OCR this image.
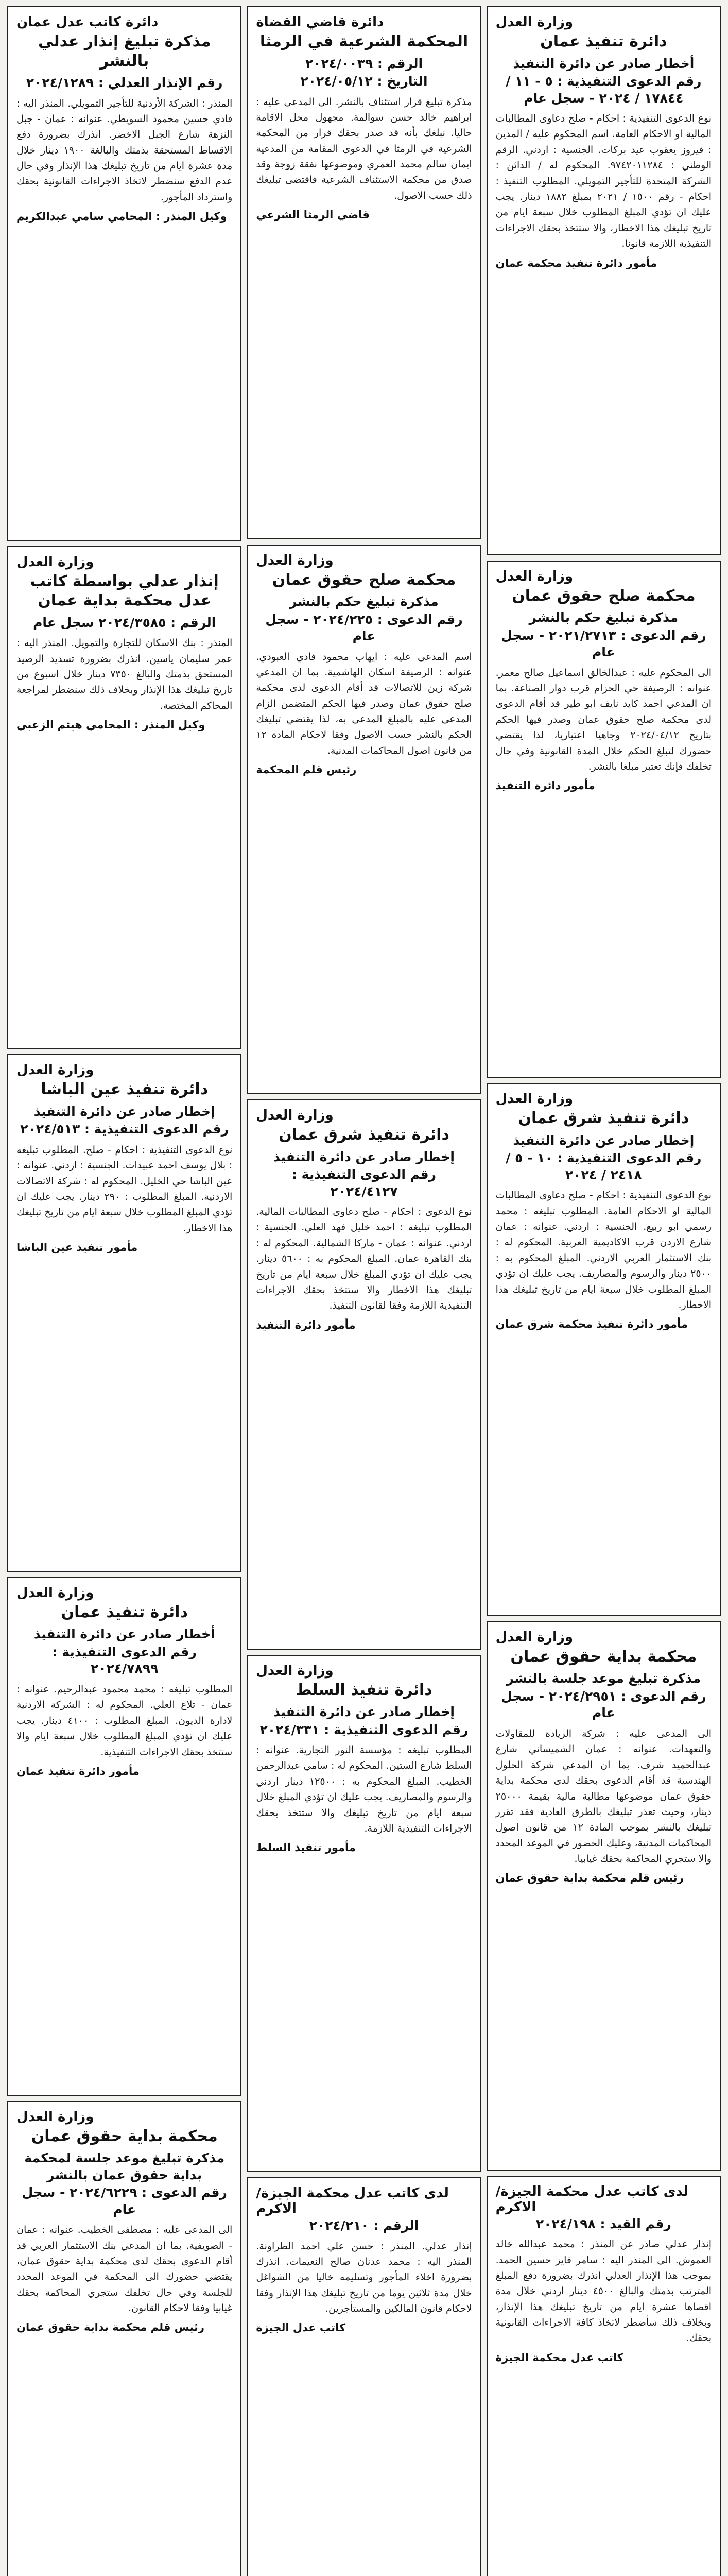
وزارة العدل
دائرة تنفيذ عمان
أخطار صادر عن دائرة التنفيذ
رقم الدعوى التنفيذية : ٥ - ١١ / ١٧٨٤٤ / ٢٠٢٤ - سجل عام
نوع الدعوى التنفيذية : احكام - صلح دعاوى المطالبات المالية او الاحكام العامة. اسم المحكوم عليه / المدين : فيروز يعقوب عيد بركات. الجنسية : اردني. الرقم الوطني : ٩٧٤٢٠١١٢٨٤. المحكوم له / الدائن : الشركة المتحدة للتأجير التمويلي. المطلوب التنفيذ : احكام - رقم ١٥٠٠ / ٢٠٢١ بمبلغ ١٨٨٢ دينار. يجب عليك ان تؤدي المبلغ المطلوب خلال سبعة ايام من تاريخ تبليغك هذا الاخطار، والا ستتخذ بحقك الاجراءات التنفيذية اللازمة قانونا.
مأمور دائرة تنفيذ محكمة عمان
وزارة العدل
محكمة صلح حقوق عمان
مذكرة تبليغ حكم بالنشر
رقم الدعوى : ٢٠٢١/٢٧١٣ - سجل عام
الى المحكوم عليه : عبدالخالق اسماعيل صالح معمر. عنوانه : الرصيفة حي الحزام قرب دوار الصناعة. بما ان المدعي احمد كايد نايف ابو طير قد أقام الدعوى لدى محكمة صلح حقوق عمان وصدر فيها الحكم بتاريخ ٢٠٢٤/٠٤/١٢ وجاهيا اعتباريا، لذا يقتضي حضورك لتبلغ الحكم خلال المدة القانونية وفي حال تخلفك فإنك تعتبر مبلغا بالنشر.
مأمور دائرة التنفيذ
وزارة العدل
دائرة تنفيذ شرق عمان
إخطار صادر عن دائرة التنفيذ
رقم الدعوى التنفيذية : ١٠ - ٥ / ٢٤١٨ / ٢٠٢٤
نوع الدعوى التنفيذية : احكام - صلح دعاوى المطالبات المالية او الاحكام العامة. المطلوب تبليغه : محمد رسمي ابو ربيع. الجنسية : اردني. عنوانه : عمان شارع الاردن قرب الاكاديمية العربية. المحكوم له : بنك الاستثمار العربي الاردني. المبلغ المحكوم به : ٢٥٠٠ دينار والرسوم والمصاريف. يجب عليك ان تؤدي المبلغ المطلوب خلال سبعة ايام من تاريخ تبليغك هذا الاخطار.
مأمور دائرة تنفيذ محكمة شرق عمان
وزارة العدل
محكمة بداية حقوق عمان
مذكرة تبليغ موعد جلسة بالنشر
رقم الدعوى : ٢٠٢٤/٢٩٥١ - سجل عام
الى المدعى عليه : شركة الريادة للمقاولات والتعهدات. عنوانه : عمان الشميساني شارع عبدالحميد شرف. بما ان المدعي شركة الحلول الهندسية قد أقام الدعوى بحقك لدى محكمة بداية حقوق عمان موضوعها مطالبة مالية بقيمة ٢٥٠٠٠ دينار، وحيث تعذر تبليغك بالطرق العادية فقد تقرر تبليغك بالنشر بموجب المادة ١٢ من قانون اصول المحاكمات المدنية، وعليك الحضور في الموعد المحدد والا ستجري المحاكمة بحقك غيابيا.
رئيس قلم محكمة بداية حقوق عمان
لدى كاتب عدل محكمة الجيزة/الاكرم
رقم القيد : ٢٠٢٤/١٩٨
إنذار عدلي صادر عن المنذر : محمد عبدالله خالد العموش. الى المنذر اليه : سامر فايز حسين الحمد. بموجب هذا الإنذار العدلي انذرك بضرورة دفع المبلغ المترتب بذمتك والبالغ ٤٥٠٠ دينار اردني خلال مدة اقصاها عشرة ايام من تاريخ تبليغك هذا الإنذار، وبخلاف ذلك سأضطر لاتخاذ كافة الاجراءات القانونية بحقك.
كاتب عدل محكمة الجيزة
دائرة قاضي القضاة
المحكمة الشرعية في الرمثا
الرقم : ٢٠٢٤/٠٠٣٩
التاريخ : ٢٠٢٤/٠٥/١٢
مذكرة تبليغ قرار استئناف بالنشر. الى المدعى عليه : ابراهيم خالد حسن سوالمة. مجهول محل الاقامة حاليا. نبلغك بأنه قد صدر بحقك قرار من المحكمة الشرعية في الرمثا في الدعوى المقامة من المدعية ايمان سالم محمد العمري وموضوعها نفقة زوجة وقد صدق من محكمة الاستئناف الشرعية فاقتضى تبليغك ذلك حسب الاصول.
قاضي الرمثا الشرعي
وزارة العدل
محكمة صلح حقوق عمان
مذكرة تبليغ حكم بالنشر
رقم الدعوى : ٢٠٢٤/٢٢٥ - سجل عام
اسم المدعى عليه : ايهاب محمود فادي العبودي. عنوانه : الرصيفة اسكان الهاشمية. بما ان المدعي شركة زين للاتصالات قد أقام الدعوى لدى محكمة صلح حقوق عمان وصدر فيها الحكم المتضمن الزام المدعى عليه بالمبلغ المدعى به، لذا يقتضي تبليغك الحكم بالنشر حسب الاصول وفقا لاحكام المادة ١٢ من قانون اصول المحاكمات المدنية.
رئيس قلم المحكمة
وزارة العدل
دائرة تنفيذ شرق عمان
إخطار صادر عن دائرة التنفيذ
رقم الدعوى التنفيذية : ٢٠٢٤/٤١٢٧
نوع الدعوى : احكام - صلح دعاوى المطالبات المالية. المطلوب تبليغه : احمد خليل فهد العلي. الجنسية : اردني. عنوانه : عمان - ماركا الشمالية. المحكوم له : بنك القاهرة عمان. المبلغ المحكوم به : ٥٦٠٠ دينار. يجب عليك ان تؤدي المبلغ خلال سبعة ايام من تاريخ تبليغك هذا الاخطار والا ستتخذ بحقك الاجراءات التنفيذية اللازمة وفقا لقانون التنفيذ.
مأمور دائرة التنفيذ
وزارة العدل
دائرة تنفيذ السلط
إخطار صادر عن دائرة التنفيذ
رقم الدعوى التنفيذية : ٢٠٢٤/٣٣١
المطلوب تبليغه : مؤسسة النور التجارية. عنوانه : السلط شارع الستين. المحكوم له : سامي عبدالرحمن الخطيب. المبلغ المحكوم به : ١٢٥٠٠ دينار اردني والرسوم والمصاريف. يجب عليك ان تؤدي المبلغ خلال سبعة ايام من تاريخ تبليغك والا ستتخذ بحقك الاجراءات التنفيذية اللازمة.
مأمور تنفيذ السلط
لدى كاتب عدل محكمة الجيزة/الاكرم
الرقم : ٢٠٢٤/٢١٠
إنذار عدلي. المنذر : حسن علي احمد الطراونة. المنذر اليه : محمد عدنان صالح النعيمات. انذرك بضرورة اخلاء المأجور وتسليمه خاليا من الشواغل خلال مدة ثلاثين يوما من تاريخ تبليغك هذا الإنذار وفقا لاحكام قانون المالكين والمستأجرين.
كاتب عدل الجيزة
دائرة كاتب عدل عمان
مذكرة تبليغ إنذار عدلي بالنشر
رقم الإنذار العدلي : ٢٠٢٤/١٢٨٩
المنذر : الشركة الأردنية للتأجير التمويلي. المنذر اليه : فادي حسين محمود السويطي. عنوانه : عمان - جبل النزهة شارع الجبل الاخضر. انذرك بضرورة دفع الاقساط المستحقة بذمتك والبالغة ١٩٠٠ دينار خلال مدة عشرة ايام من تاريخ تبليغك هذا الإنذار وفي حال عدم الدفع سنضطر لاتخاذ الاجراءات القانونية بحقك واسترداد المأجور.
وكيل المنذر : المحامي سامي عبدالكريم
وزارة العدل
إنذار عدلي بواسطة كاتب عدل محكمة بداية عمان
الرقم : ٢٠٢٤/٣٥٨٥ سجل عام
المنذر : بنك الاسكان للتجارة والتمويل. المنذر اليه : عمر سليمان ياسين. انذرك بضرورة تسديد الرصيد المستحق بذمتك والبالغ ٧٣٥٠ دينار خلال اسبوع من تاريخ تبليغك هذا الإنذار وبخلاف ذلك سنضطر لمراجعة المحاكم المختصة.
وكيل المنذر : المحامي هيثم الزعبي
وزارة العدل
دائرة تنفيذ عين الباشا
إخطار صادر عن دائرة التنفيذ
رقم الدعوى التنفيذية : ٢٠٢٤/٥١٣
نوع الدعوى التنفيذية : احكام - صلح. المطلوب تبليغه : بلال يوسف احمد عبيدات. الجنسية : اردني. عنوانه : عين الباشا حي الخليل. المحكوم له : شركة الاتصالات الاردنية. المبلغ المطلوب : ٢٩٠ دينار. يجب عليك ان تؤدي المبلغ المطلوب خلال سبعة ايام من تاريخ تبليغك هذا الاخطار.
مأمور تنفيذ عين الباشا
وزارة العدل
دائرة تنفيذ عمان
أخطار صادر عن دائرة التنفيذ
رقم الدعوى التنفيذية : ٢٠٢٤/٧٨٩٩
المطلوب تبليغه : محمد محمود عبدالرحيم. عنوانه : عمان - تلاع العلي. المحكوم له : الشركة الاردنية لادارة الديون. المبلغ المطلوب : ٤١٠٠ دينار. يجب عليك ان تؤدي المبلغ المطلوب خلال سبعة ايام والا ستتخذ بحقك الاجراءات التنفيذية.
مأمور دائرة تنفيذ عمان
وزارة العدل
محكمة بداية حقوق عمان
مذكرة تبليغ موعد جلسة لمحكمة بداية حقوق عمان بالنشر
رقم الدعوى : ٢٠٢٤/٦٢٢٩ - سجل عام
الى المدعى عليه : مصطفى الخطيب. عنوانه : عمان - الصويفية. بما ان المدعي بنك الاستثمار العربي قد أقام الدعوى بحقك لدى محكمة بداية حقوق عمان، يقتضي حضورك الى المحكمة في الموعد المحدد للجلسة وفي حال تخلفك ستجري المحاكمة بحقك غيابيا وفقا لاحكام القانون.
رئيس قلم محكمة بداية حقوق عمان
